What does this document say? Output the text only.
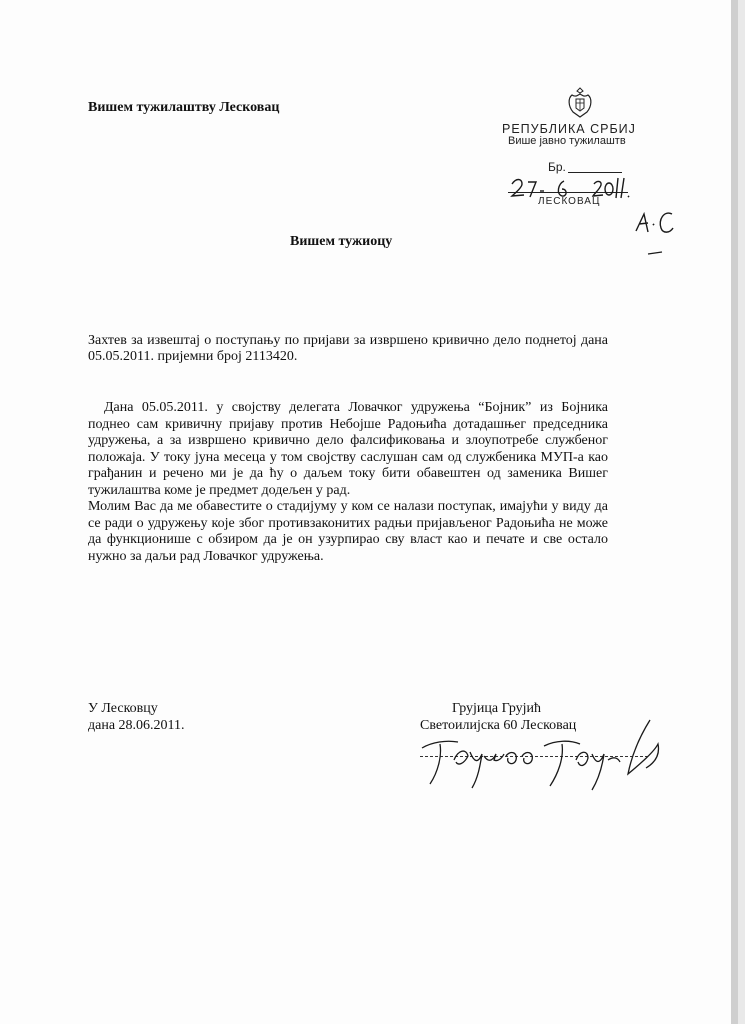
Вишем тужилаштву Лесковац
РЕПУБЛИКА СРБИЈ
Више јавно тужилаштв
Бр.
ЛЕСКОВАЦ
Вишем тужиоцу
Захтев за извештај о поступању по пријави за извршено кривично дело поднетој дана 05.05.2011. пријемни број 2113420.

Дана 05.05.2011. у својству делегата Ловачког удружења “Бојник” из Бојника поднео сам кривичну пријаву против Небојше Радоњића дотадашњег председника удружења, а за извршено кривично дело фалсификовања и злоупотребе службеног положаја. У току јуна месеца у том својству саслушан сам од службеника МУП-а као грађанин и речено ми је да ћу о даљем току бити обавештен од заменика Вишег тужилаштва коме је предмет додељен у рад.

Молим Вас да ме обавестите о стадијуму у ком се налази поступак, имајући у виду да се ради о удружењу које због противзаконитих радњи пријављеног Радоњића не може да функционише с обзиром да је он узурпирао сву власт као и печате и све остало нужно за даљи рад Ловачког удружења.

У Лесковцу
дана 28.06.2011.
Грујица Грујић
Светоилијска 60 Лесковац
